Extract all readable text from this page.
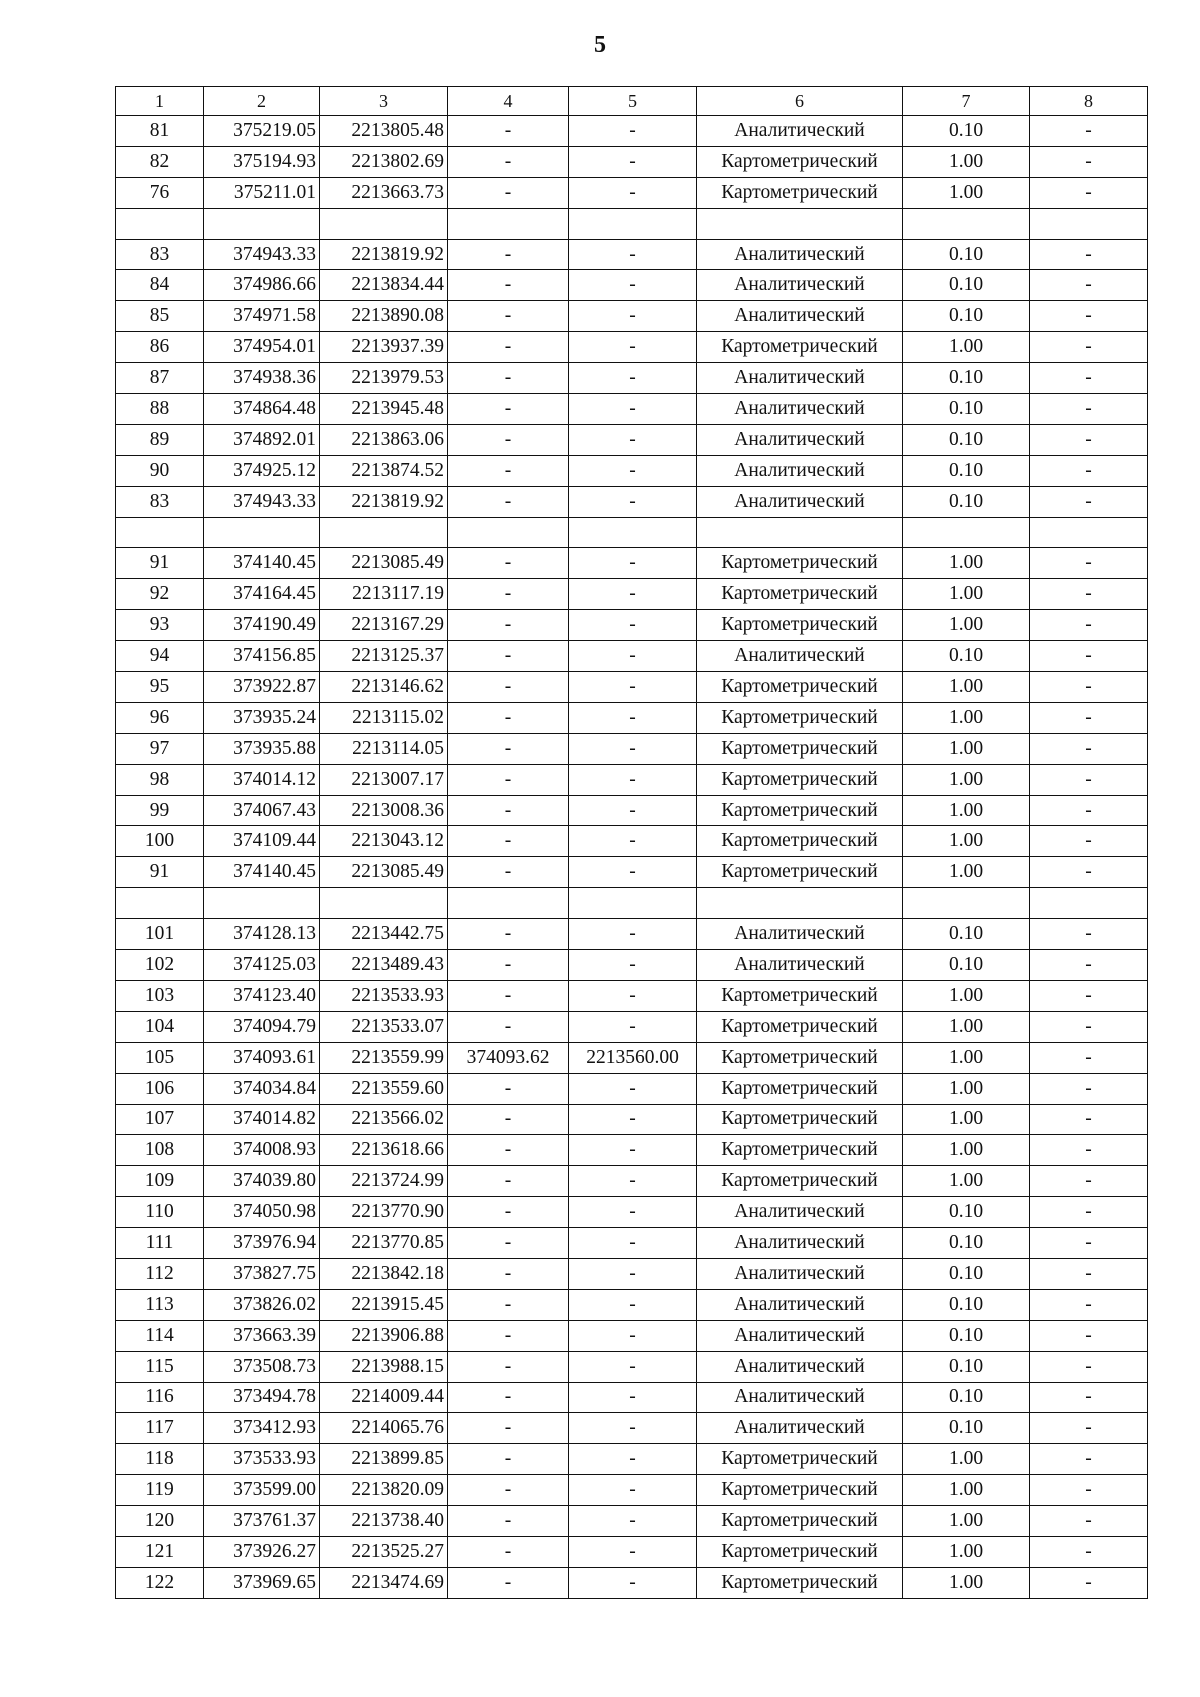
5
1	2	3	4	5	6	7	8
81	375219.05	2213805.48	-	-	Аналитический	0.10	-
82	375194.93	2213802.69	-	-	Картометрический	1.00	-
76	375211.01	2213663.73	-	-	Картометрический	1.00	-

83	374943.33	2213819.92	-	-	Аналитический	0.10	-
84	374986.66	2213834.44	-	-	Аналитический	0.10	-
85	374971.58	2213890.08	-	-	Аналитический	0.10	-
86	374954.01	2213937.39	-	-	Картометрический	1.00	-
87	374938.36	2213979.53	-	-	Аналитический	0.10	-
88	374864.48	2213945.48	-	-	Аналитический	0.10	-
89	374892.01	2213863.06	-	-	Аналитический	0.10	-
90	374925.12	2213874.52	-	-	Аналитический	0.10	-
83	374943.33	2213819.92	-	-	Аналитический	0.10	-

91	374140.45	2213085.49	-	-	Картометрический	1.00	-
92	374164.45	2213117.19	-	-	Картометрический	1.00	-
93	374190.49	2213167.29	-	-	Картометрический	1.00	-
94	374156.85	2213125.37	-	-	Аналитический	0.10	-
95	373922.87	2213146.62	-	-	Картометрический	1.00	-
96	373935.24	2213115.02	-	-	Картометрический	1.00	-
97	373935.88	2213114.05	-	-	Картометрический	1.00	-
98	374014.12	2213007.17	-	-	Картометрический	1.00	-
99	374067.43	2213008.36	-	-	Картометрический	1.00	-
100	374109.44	2213043.12	-	-	Картометрический	1.00	-
91	374140.45	2213085.49	-	-	Картометрический	1.00	-

101	374128.13	2213442.75	-	-	Аналитический	0.10	-
102	374125.03	2213489.43	-	-	Аналитический	0.10	-
103	374123.40	2213533.93	-	-	Картометрический	1.00	-
104	374094.79	2213533.07	-	-	Картометрический	1.00	-
105	374093.61	2213559.99	374093.62	2213560.00	Картометрический	1.00	-
106	374034.84	2213559.60	-	-	Картометрический	1.00	-
107	374014.82	2213566.02	-	-	Картометрический	1.00	-
108	374008.93	2213618.66	-	-	Картометрический	1.00	-
109	374039.80	2213724.99	-	-	Картометрический	1.00	-
110	374050.98	2213770.90	-	-	Аналитический	0.10	-
111	373976.94	2213770.85	-	-	Аналитический	0.10	-
112	373827.75	2213842.18	-	-	Аналитический	0.10	-
113	373826.02	2213915.45	-	-	Аналитический	0.10	-
114	373663.39	2213906.88	-	-	Аналитический	0.10	-
115	373508.73	2213988.15	-	-	Аналитический	0.10	-
116	373494.78	2214009.44	-	-	Аналитический	0.10	-
117	373412.93	2214065.76	-	-	Аналитический	0.10	-
118	373533.93	2213899.85	-	-	Картометрический	1.00	-
119	373599.00	2213820.09	-	-	Картометрический	1.00	-
120	373761.37	2213738.40	-	-	Картометрический	1.00	-
121	373926.27	2213525.27	-	-	Картометрический	1.00	-
122	373969.65	2213474.69	-	-	Картометрический	1.00	-
